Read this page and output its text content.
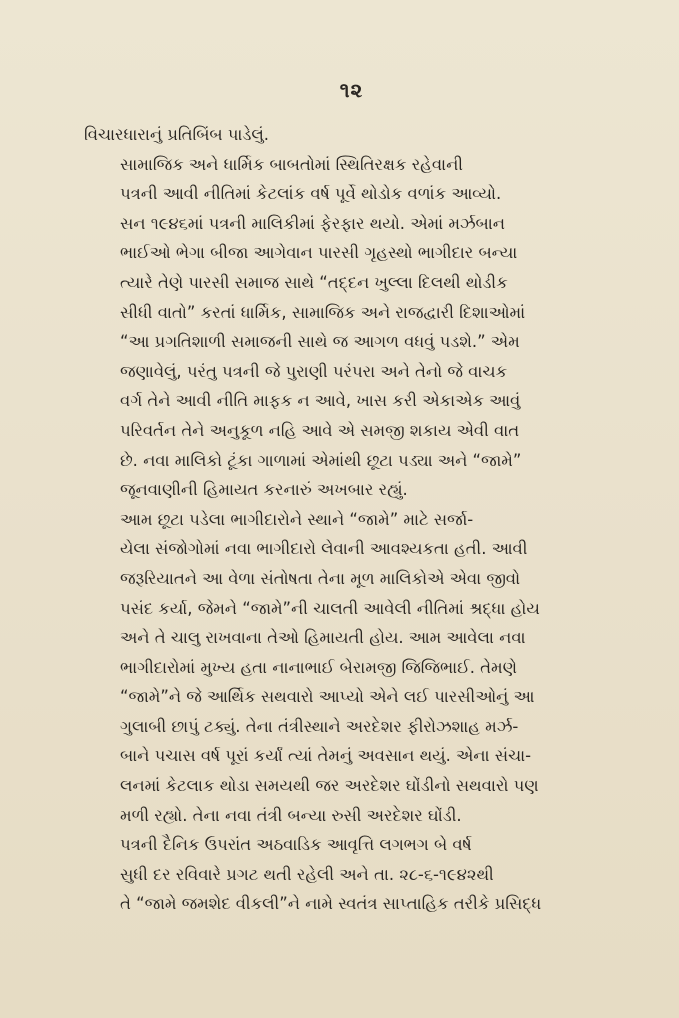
૧૨

વિચારધારાનું પ્રતિબિંબ પાડેલું.

સામાજિક અને ધાર્મિક બાબતોમાં સ્થિતિરક્ષક રહેવાની
પત્રની આવી નીતિમાં કેટલાંક વર્ષ પૂર્વે થોડોક વળાંક આવ્યો.
સન ૧૯૪૬માં પત્રની માલિકીમાં ફેરફાર થયો. એમાં મર્ઝબાન
ભાઈઓ ભેગા બીજા આગેવાન પારસી ગૃહસ્થો ભાગીદાર બન્યા
ત્યારે તેણે પારસી સમાજ સાથે “તદ્દન ખુલ્લા દિલથી થોડીક
સીધી વાતો” કરતાં ધાર્મિક, સામાજિક અને રાજદ્વારી દિશાઓમાં
“આ પ્રગતિશાળી સમાજની સાથે જ આગળ વધવું પડશે.” એમ
જણાવેલું, પરંતુ પત્રની જે પુરાણી પરંપરા અને તેનો જે વાચક
વર્ગ તેને આવી નીતિ માફક ન આવે, ખાસ કરી એકાએક આવું
પરિવર્તન તેને અનુકૂળ નહિ આવે એ સમજી શકાય એવી વાત
છે. નવા માલિકો ટૂંકા ગાળામાં એમાંથી છૂટા પડ્યા અને “જામે”
જૂનવાણીની હિમાયત કરનારું અખબાર રહ્યું.

આમ છૂટા પડેલા ભાગીદારોને સ્થાને “જામે” માટે સર્જા-
યેલા સંજોગોમાં નવા ભાગીદારો લેવાની આવશ્યકતા હતી. આવી
જરૂરિયાતને આ વેળા સંતોષતા તેના મૂળ માલિકોએ એવા જીવો
પસંદ કર્યા, જેમને “જામે”ની ચાલતી આવેલી નીતિમાં શ્રદ્ધા હોય
અને તે ચાલુ રાખવાના તેઓ હિમાયતી હોય. આમ આવેલા નવા
ભાગીદારોમાં મુખ્ય હતા નાનાભાઈ બેરામજી જિજિભાઈ. તેમણે
“જામે”ને જે આર્થિક સથવારો આપ્યો એને લઈ પારસીઓનું આ
ગુલાબી છાપું ટક્યું. તેના તંત્રીસ્થાને અરદેશર ફીરોઝશાહ મર્ઝ-
બાને પચાસ વર્ષ પૂરાં કર્યાં ત્યાં તેમનું અવસાન થયું. એના સંચા-
લનમાં કેટલાક થોડા સમયથી જર અરદેશર ઘોંડીનો સથવારો પણ
મળી રહ્યો. તેના નવા તંત્રી બન્યા રુસી અરદેશર ઘોંડી.

પત્રની દૈનિક ઉપરાંત અઠવાડિક આવૃત્તિ લગભગ બે વર્ષ
સુધી દર રવિવારે પ્રગટ થતી રહેલી અને તા. ૨૮-૬-૧૯૪૨થી
તે “જામે જમશેદ વીકલી”ને નામે સ્વતંત્ર સાપ્તાહિક તરીકે પ્રસિદ્ધ
